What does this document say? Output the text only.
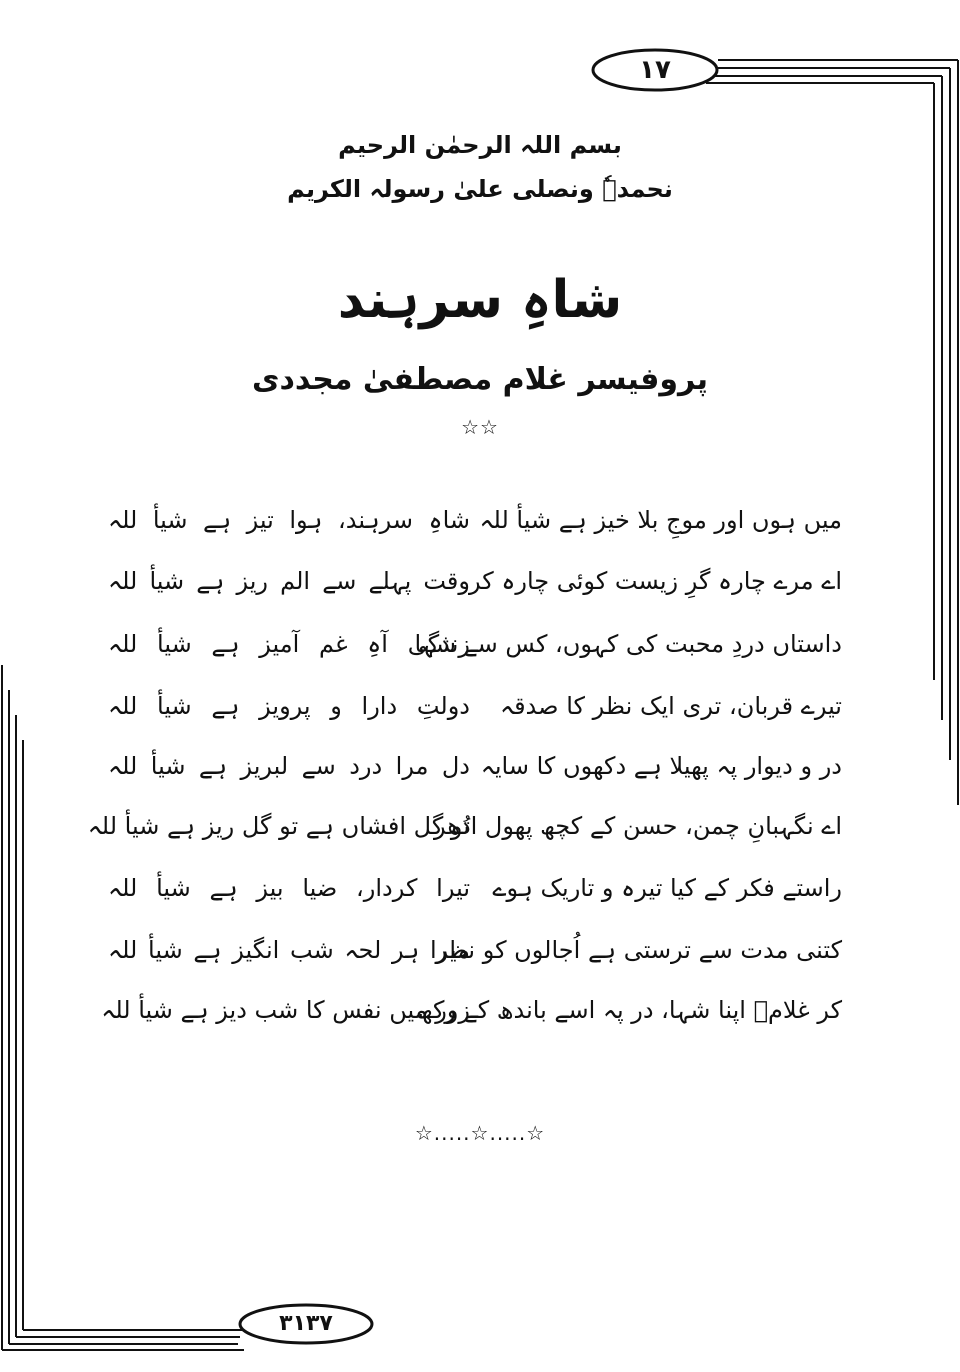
١٧
٣١٣٧
بسم اللہ الرحمٰن الرحیم
نحمدہٗ ونصلی علیٰ رسولہ الکریم
شاہِ سرہند
پروفیسر غلام مصطفیٰ مجددی
☆☆
میں ہوں اور موجِ بلا خیز ہے شیأ للہ
شاہِ سرہند، ہوا تیز ہے شیأ للہ
اے مرے چارہ گرِ زیست کوئی چارہ کر
وقت پہلے سے الم ریز ہے شیأ للہ
داستاں دردِ محبت کی کہوں، کس سے شہا
زندگی آہِ غم آمیز ہے شیأ للہ
تیرے قربان، تری ایک نظر کا صدقہ
دولتِ دارا و پرویز ہے شیأ للہ
در و دیوار پہ پھیلا ہے دکھوں کا سایہ
دل مرا درد سے لبریز ہے شیأ للہ
اے نگہبانِ چمن، حسن کے کچھ پھول ادھر
تُو گل افشاں ہے تو گل ریز ہے شیأ للہ
راستے فکر کے کیا تیرہ و تاریک ہوے
تیرا کردار، ضیا بیز ہے شیأ للہ
کتنی مدت سے ترستی ہے اُجالوں کو نظر
میرا ہر لحہ شب انگیز ہے شیأ للہ
کر غلامؔ اپنا شہا، در پہ اسے باندھ کے رکھ
زور میں نفس کا شب دیز ہے شیأ للہ
☆.....☆.....☆
